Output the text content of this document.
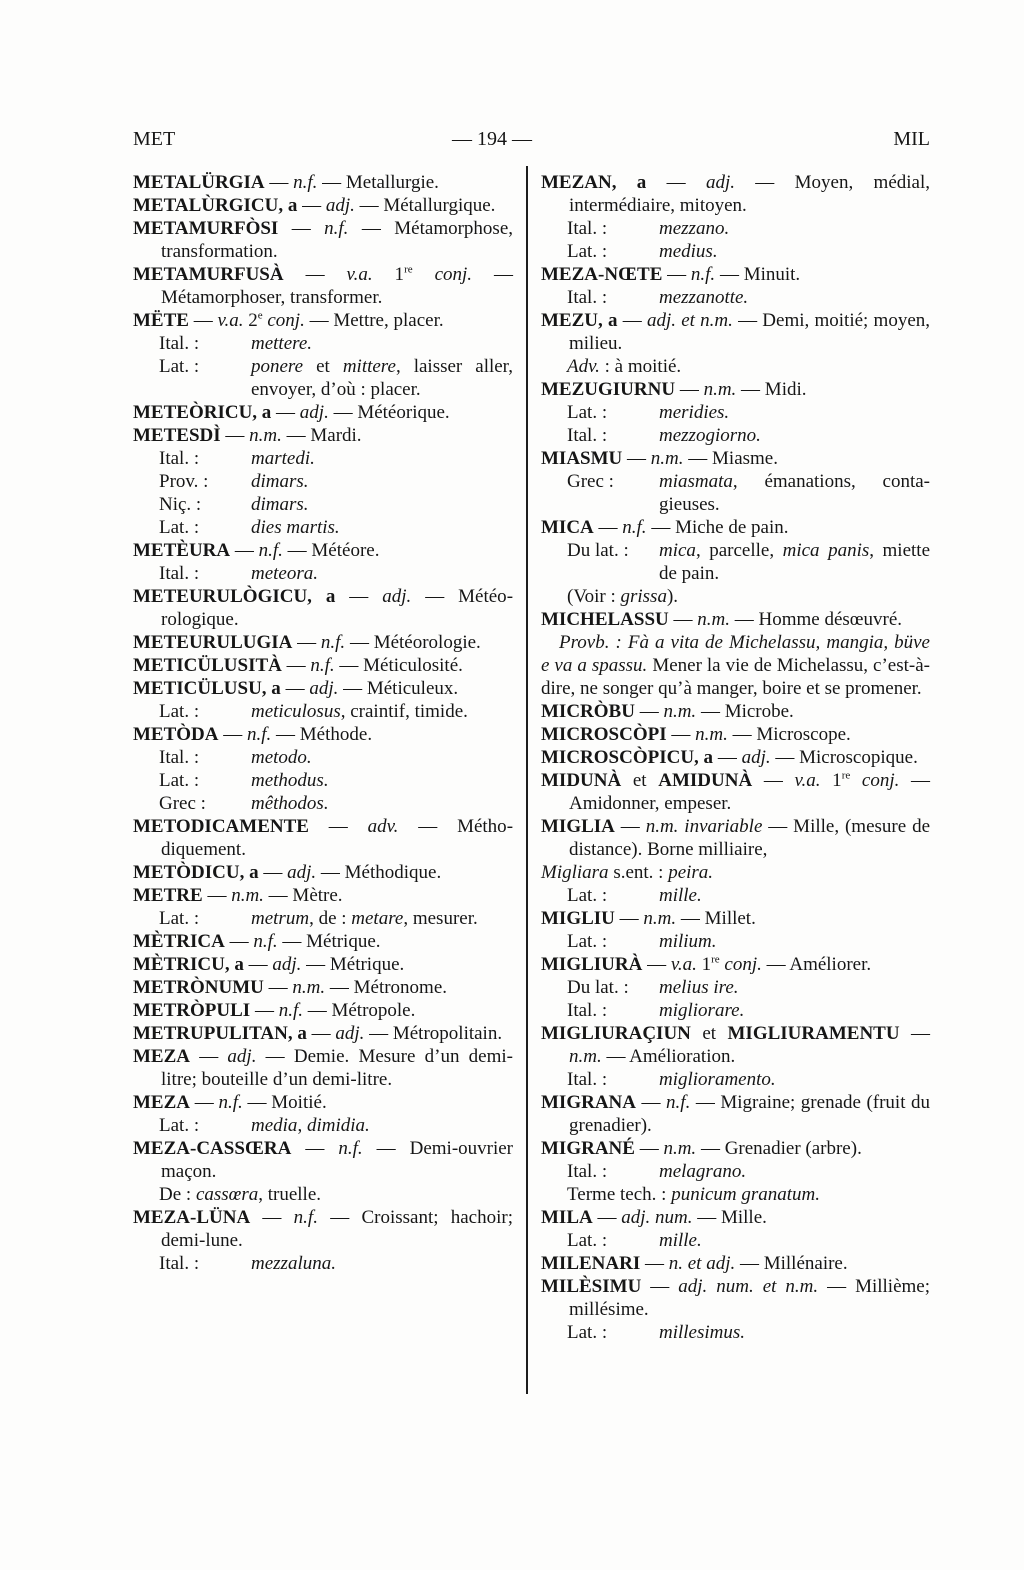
MET	— 194 —	MIL
METALÜRGIA — n.f. — Metallurgie.
METALÙRGICU, a — adj. — Métallurgique.
METAMURFÒSI — n.f. — Métamorphose, transformation.
METAMURFUSÀ — v.a. 1re conj. — Métamorphoser, transformer.
MËTE — v.a. 2e conj. — Mettre, placer.
Ital. :	mettere.
Lat. :	ponere et mittere, laisser aller, envoyer, d’où : placer.
METEÒRICU, a — adj. — Météorique.
METESDÌ — n.m. — Mardi.
Ital. :	martedi.
Prov. :	dimars.
Niç. :	dimars.
Lat. :	dies martis.
METÈURA — n.f. — Météore.
Ital. :	meteora.
METEURULÒGICU, a — adj. — Météorologique.
METEURULUGIA — n.f. — Météorologie.
METICÜLUSITÀ — n.f. — Méticulosité.
METICÜLUSU, a — adj. — Méticuleux.
Lat. :	meticulosus, craintif, timide.
METÒDA — n.f. — Méthode.
Ital. :	metodo.
Lat. :	methodus.
Grec :	mêthodos.
METODICAMENTE — adv. — Méthodiquement.
METÒDICU, a — adj. — Méthodique.
METRE — n.m. — Mètre.
Lat. :	metrum, de : metare, mesurer.
MÈTRICA — n.f. — Métrique.
MÈTRICU, a — adj. — Métrique.
METRÒNUMU — n.m. — Métronome.
METRÒPULI — n.f. — Métropole.
METRUPULITAN, a — adj. — Métropolitain.
MEZA — adj. — Demie. Mesure d’un demi-litre; bouteille d’un demi-litre.
MEZA — n.f. — Moitié.
Lat. :	media, dimidia.
MEZA-CASSŒRA — n.f. — Demi-ouvrier maçon.
De : cassœra, truelle.
MEZA-LÜNA — n.f. — Croissant; hachoir; demi-lune.
Ital. :	mezzaluna.
MEZAN, a — adj. — Moyen, médial, intermédiaire, mitoyen.
Ital. :	mezzano.
Lat. :	medius.
MEZA-NŒTE — n.f. — Minuit.
Ital. :	mezzanotte.
MEZU, a — adj. et n.m. — Demi, moitié; moyen, milieu.
Adv. : à moitié.
MEZUGIURNU — n.m. — Midi.
Lat. :	meridies.
Ital. :	mezzogiorno.
MIASMU — n.m. — Miasme.
Grec :	miasmata, émanations, contagieuses.
MICA — n.f. — Miche de pain.
Du lat. :	mica, parcelle, mica panis, miette de pain.
(Voir : grissa).
MICHELASSU — n.m. — Homme désœuvré.
Provb. : Fà a vita de Michelassu, mangia, büve e va a spassu. Mener la vie de Michelassu, c’est-à-dire, ne songer qu’à manger, boire et se promener.
MICRÒBU — n.m. — Microbe.
MICROSCÒPI — n.m. — Microscope.
MICROSCÒPICU, a — adj. — Microscopique.
MIDUNÀ et AMIDUNÀ — v.a. 1re conj. — Amidonner, empeser.
MIGLIA — n.m. invariable — Mille, (mesure de distance). Borne milliaire,
Migliara s.ent. : peira.
Lat. :	mille.
MIGLIU — n.m. — Millet.
Lat. :	milium.
MIGLIURÀ — v.a. 1re conj. — Améliorer.
Du lat. :	melius ire.
Ital. :	migliorare.
MIGLIURAÇIUN et MIGLIURAMENTU — n.m. — Amélioration.
Ital. :	miglioramento.
MIGRANA — n.f. — Migraine; grenade (fruit du grenadier).
MIGRANÉ — n.m. — Grenadier (arbre).
Ital. :	melagrano.
Terme tech. : punicum granatum.
MILA — adj. num. — Mille.
Lat. :	mille.
MILENARI — n. et adj. — Millénaire.
MILÈSIMU — adj. num. et n.m. — Millième; millésime.
Lat. :	millesimus.
